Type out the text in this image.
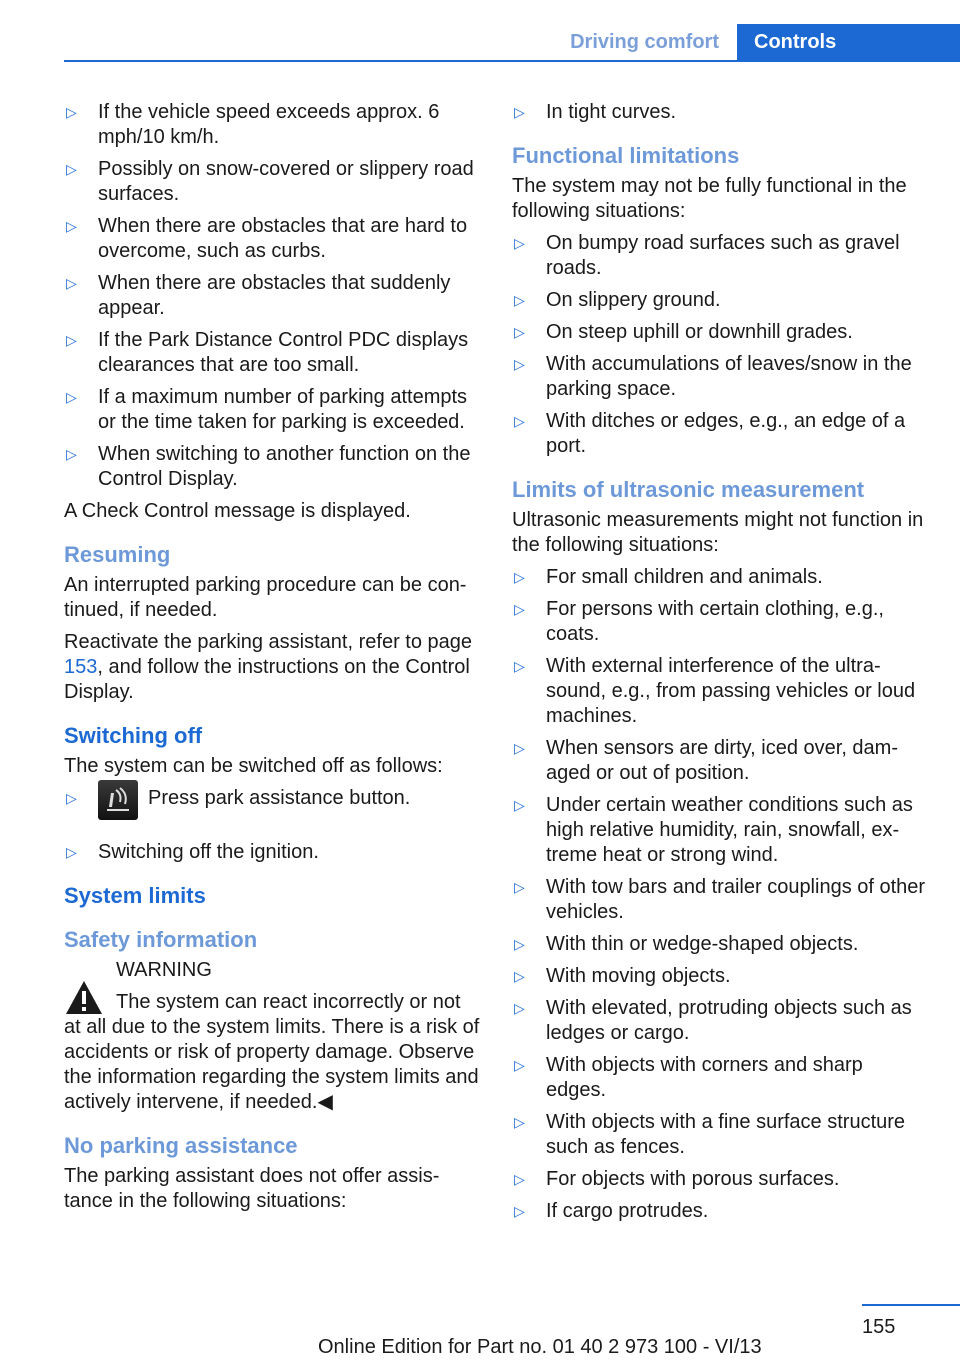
Driving comfort Controls
▷ If the vehicle speed exceeds approx. 6 mph/10 km/h.
▷ Possibly on snow-covered or slippery road surfaces.
▷ When there are obstacles that are hard to overcome, such as curbs.
▷ When there are obstacles that suddenly appear.
▷ If the Park Distance Control PDC displays clearances that are too small.
▷ If a maximum number of parking attempts or the time taken for parking is exceeded.
▷ When switching to another function on the Control Display.

A Check Control message is displayed.

Resuming

An interrupted parking procedure can be con‐tinued, if needed.

Reactivate the parking assistant, refer to page 153, and follow the instructions on the Control Display.

Switching off

The system can be switched off as follows:

▷	Press park assistance button.
▷ Switching off the ignition.
System limits
Safety information

WARNING

The system can react incorrectly or not

at all due to the system limits. There is a risk of accidents or risk of property damage. Observe the information regarding the system limits and actively intervene, if needed.◀

No parking assistance

The parking assistant does not offer assis‐tance in the following situations:

▷ In tight curves.
Functional limitations

The system may not be fully functional in the following situations:

▷ On bumpy road surfaces such as gravel roads.
▷ On slippery ground.
▷ On steep uphill or downhill grades.
▷ With accumulations of leaves/snow in the parking space.
▷ With ditches or edges, e.g., an edge of a port.
Limits of ultrasonic measurement

Ultrasonic measurements might not function in the following situations:

▷ For small children and animals.
▷ For persons with certain clothing, e.g., coats.
▷ With external interference of the ultra‐sound, e.g., from passing vehicles or loud machines.
▷ When sensors are dirty, iced over, dam‐aged or out of position.
▷ Under certain weather conditions such as high relative humidity, rain, snowfall, ex‐treme heat or strong wind.
▷ With tow bars and trailer couplings of other vehicles.
▷ With thin or wedge-shaped objects.
▷ With moving objects.
▷ With elevated, protruding objects such as ledges or cargo.
▷ With objects with corners and sharp edges.
▷ With objects with a fine surface structure such as fences.
▷ For objects with porous surfaces.
▷ If cargo protrudes.
155
Online Edition for Part no. 01 40 2 973 100 - VI/13
